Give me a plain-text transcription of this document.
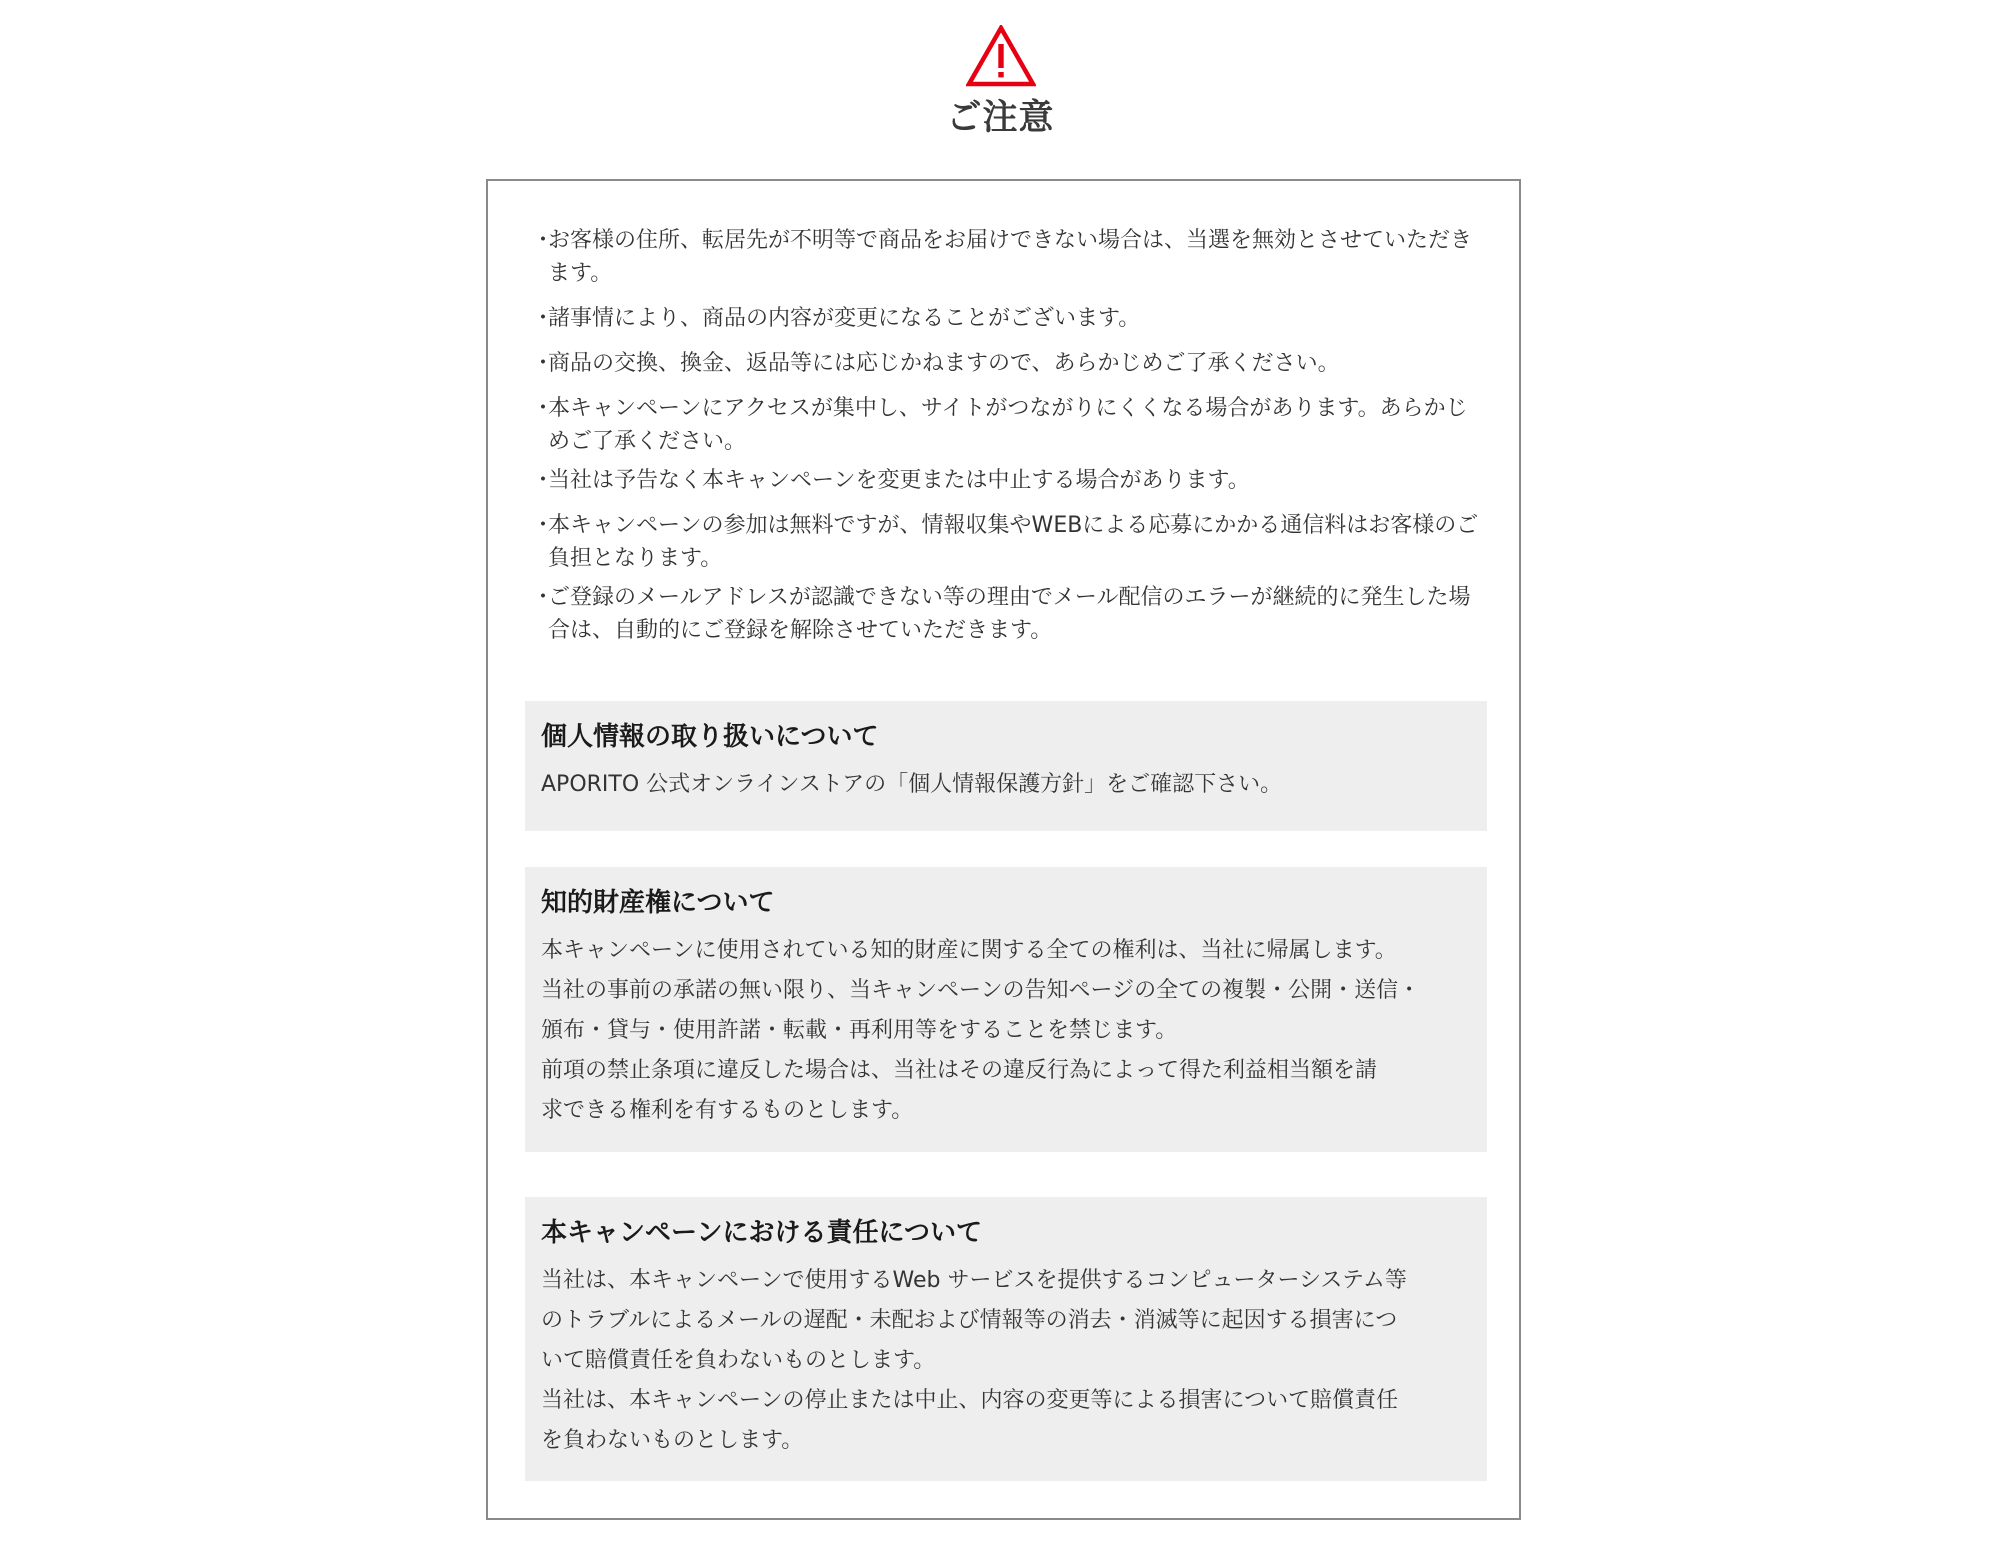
ご注意
・
お客様の住所、転居先が不明等で商品をお届けできない場合は、当選を無効とさせていただきます。
・
諸事情により、商品の内容が変更になることがございます。
・
商品の交換、換金、返品等には応じかねますので、あらかじめご了承ください。
・
本キャンペーンにアクセスが集中し、サイトがつながりにくくなる場合があります。あらかじめご了承ください。
・
当社は予告なく本キャンペーンを変更または中止する場合があります。
・
本キャンペーンの参加は無料ですが、情報収集やWEBによる応募にかかる通信料はお客様のご負担となります。
・
ご登録のメールアドレスが認識できない等の理由でメール配信のエラーが継続的に発生した場合は、自動的にご登録を解除させていただきます。
個人情報の取り扱いについて

APORITO 公式オンラインストアの「個人情報保護方針」をご確認下さい。

知的財産権について

本キャンペーンに使用されている知的財産に関する全ての権利は、当社に帰属します。

当社の事前の承諾の無い限り、当キャンペーンの告知ページの全ての複製・公開・送信・

頒布・貸与・使用許諾・転載・再利用等をすることを禁じます。

前項の禁止条項に違反した場合は、当社はその違反行為によって得た利益相当額を請

求できる権利を有するものとします。

本キャンペーンにおける責任について

当社は、本キャンペーンで使用するWeb サービスを提供するコンピューターシステム等

のトラブルによるメールの遅配・未配および情報等の消去・消滅等に起因する損害につ

いて賠償責任を負わないものとします。

当社は、本キャンペーンの停止または中止、内容の変更等による損害について賠償責任

を負わないものとします。
